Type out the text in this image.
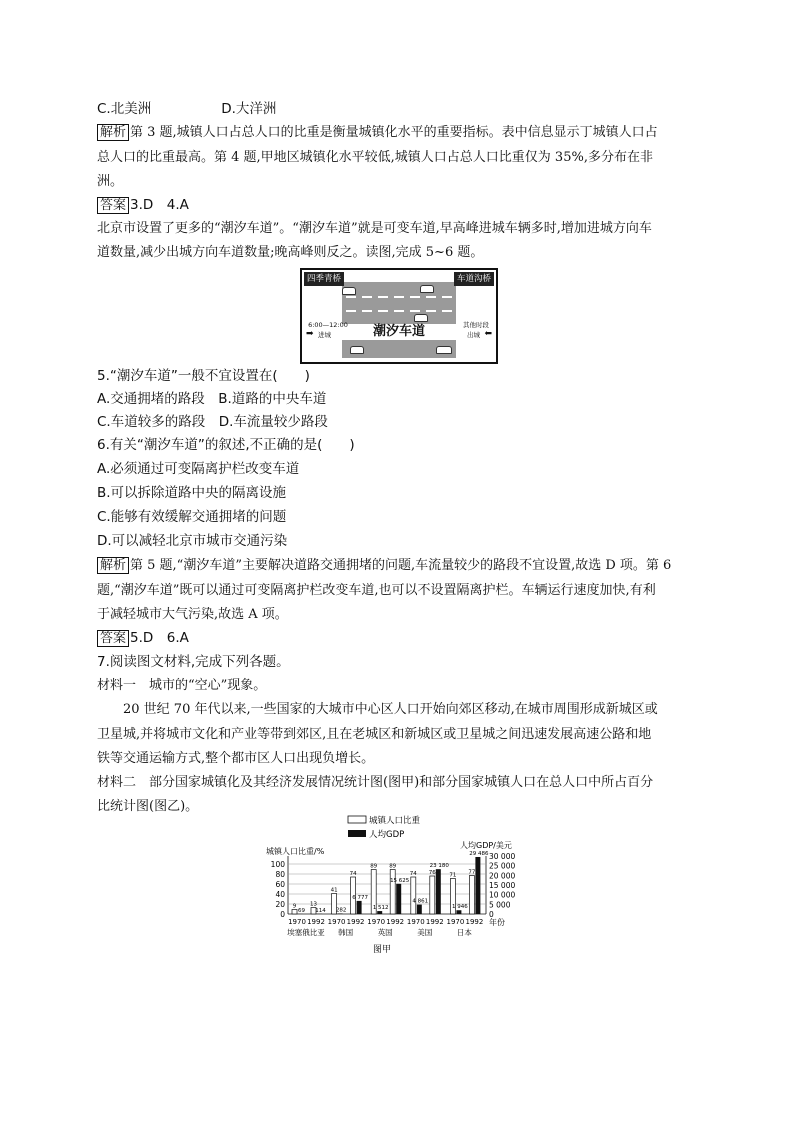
C.北美洲	D.大洋洲
解析 第 3 题,城镇人口占总人口的比重是衡量城镇化水平的重要指标。表中信息显示丁城镇人口占
总人口的比重最高。第 4 题,甲地区城镇化水平较低,城镇人口占总人口比重仅为 35%,多分布在非
洲。
答案 3.D　4.A
北京市设置了更多的“潮汐车道”。“潮汐车道”就是可变车道,早高峰进城车辆多时,增加进城方向车
道数量,减少出城方向车道数量;晚高峰则反之。读图,完成 5~6 题。
四季青桥	车道沟桥
潮汐车道
6:00—12:00
➡ 进城
其他时段
⬅
出城
5.“潮汐车道”一般不宜设置在(　　)
A.交通拥堵的路段　 B.道路的中央车道
C.车道较多的路段　 D.车流量较少路段
6.有关“潮汐车道”的叙述,不正确的是(　　)
A.必须通过可变隔离护栏改变车道
B.可以拆除道路中央的隔离设施
C.能够有效缓解交通拥堵的问题
D.可以减轻北京市城市交通污染
解析 第 5 题,“潮汐车道”主要解决道路交通拥堵的问题,车流量较少的路段不宜设置,故选 D 项。第 6
题,“潮汐车道”既可以通过可变隔离护栏改变车道,也可以不设置隔离护栏。车辆运行速度加快,有利
于减轻城市大气污染,故选 A 项。
答案 5.D　6.A
7.阅读图文材料,完成下列各题。
材料一　城市的“空心”现象。
20 世纪 70 年代以来,一些国家的大城市中心区人口开始向郊区移动,在城市周围形成新城区或
卫星城,并将城市文化和产业等带到郊区,且在老城区和新城区或卫星城之间迅速发展高速公路和地
铁等交通运输方式,整个都市区人口出现负增长。
材料二　部分国家城镇化及其经济发展情况统计图(图甲)和部分国家城镇人口在总人口中所占百分
比统计图(图乙)。
城镇人口比重
人均GDP
城镇人口比重/%
人均GDP/美元
100
80
60
40
20
0
30 000
25 000
20 000
15 000
10 000
5 000
0
9
69
1970
13
114
1992
埃塞俄比亚
41
282
1970
74
6 777
1992
韩国
89
1 512
1970
89
15 625
1992
英国
74
4 861
1970
76
23 180
1992
美国
71
1 946
1970
77
29 486
1992
日本
年份
图甲
